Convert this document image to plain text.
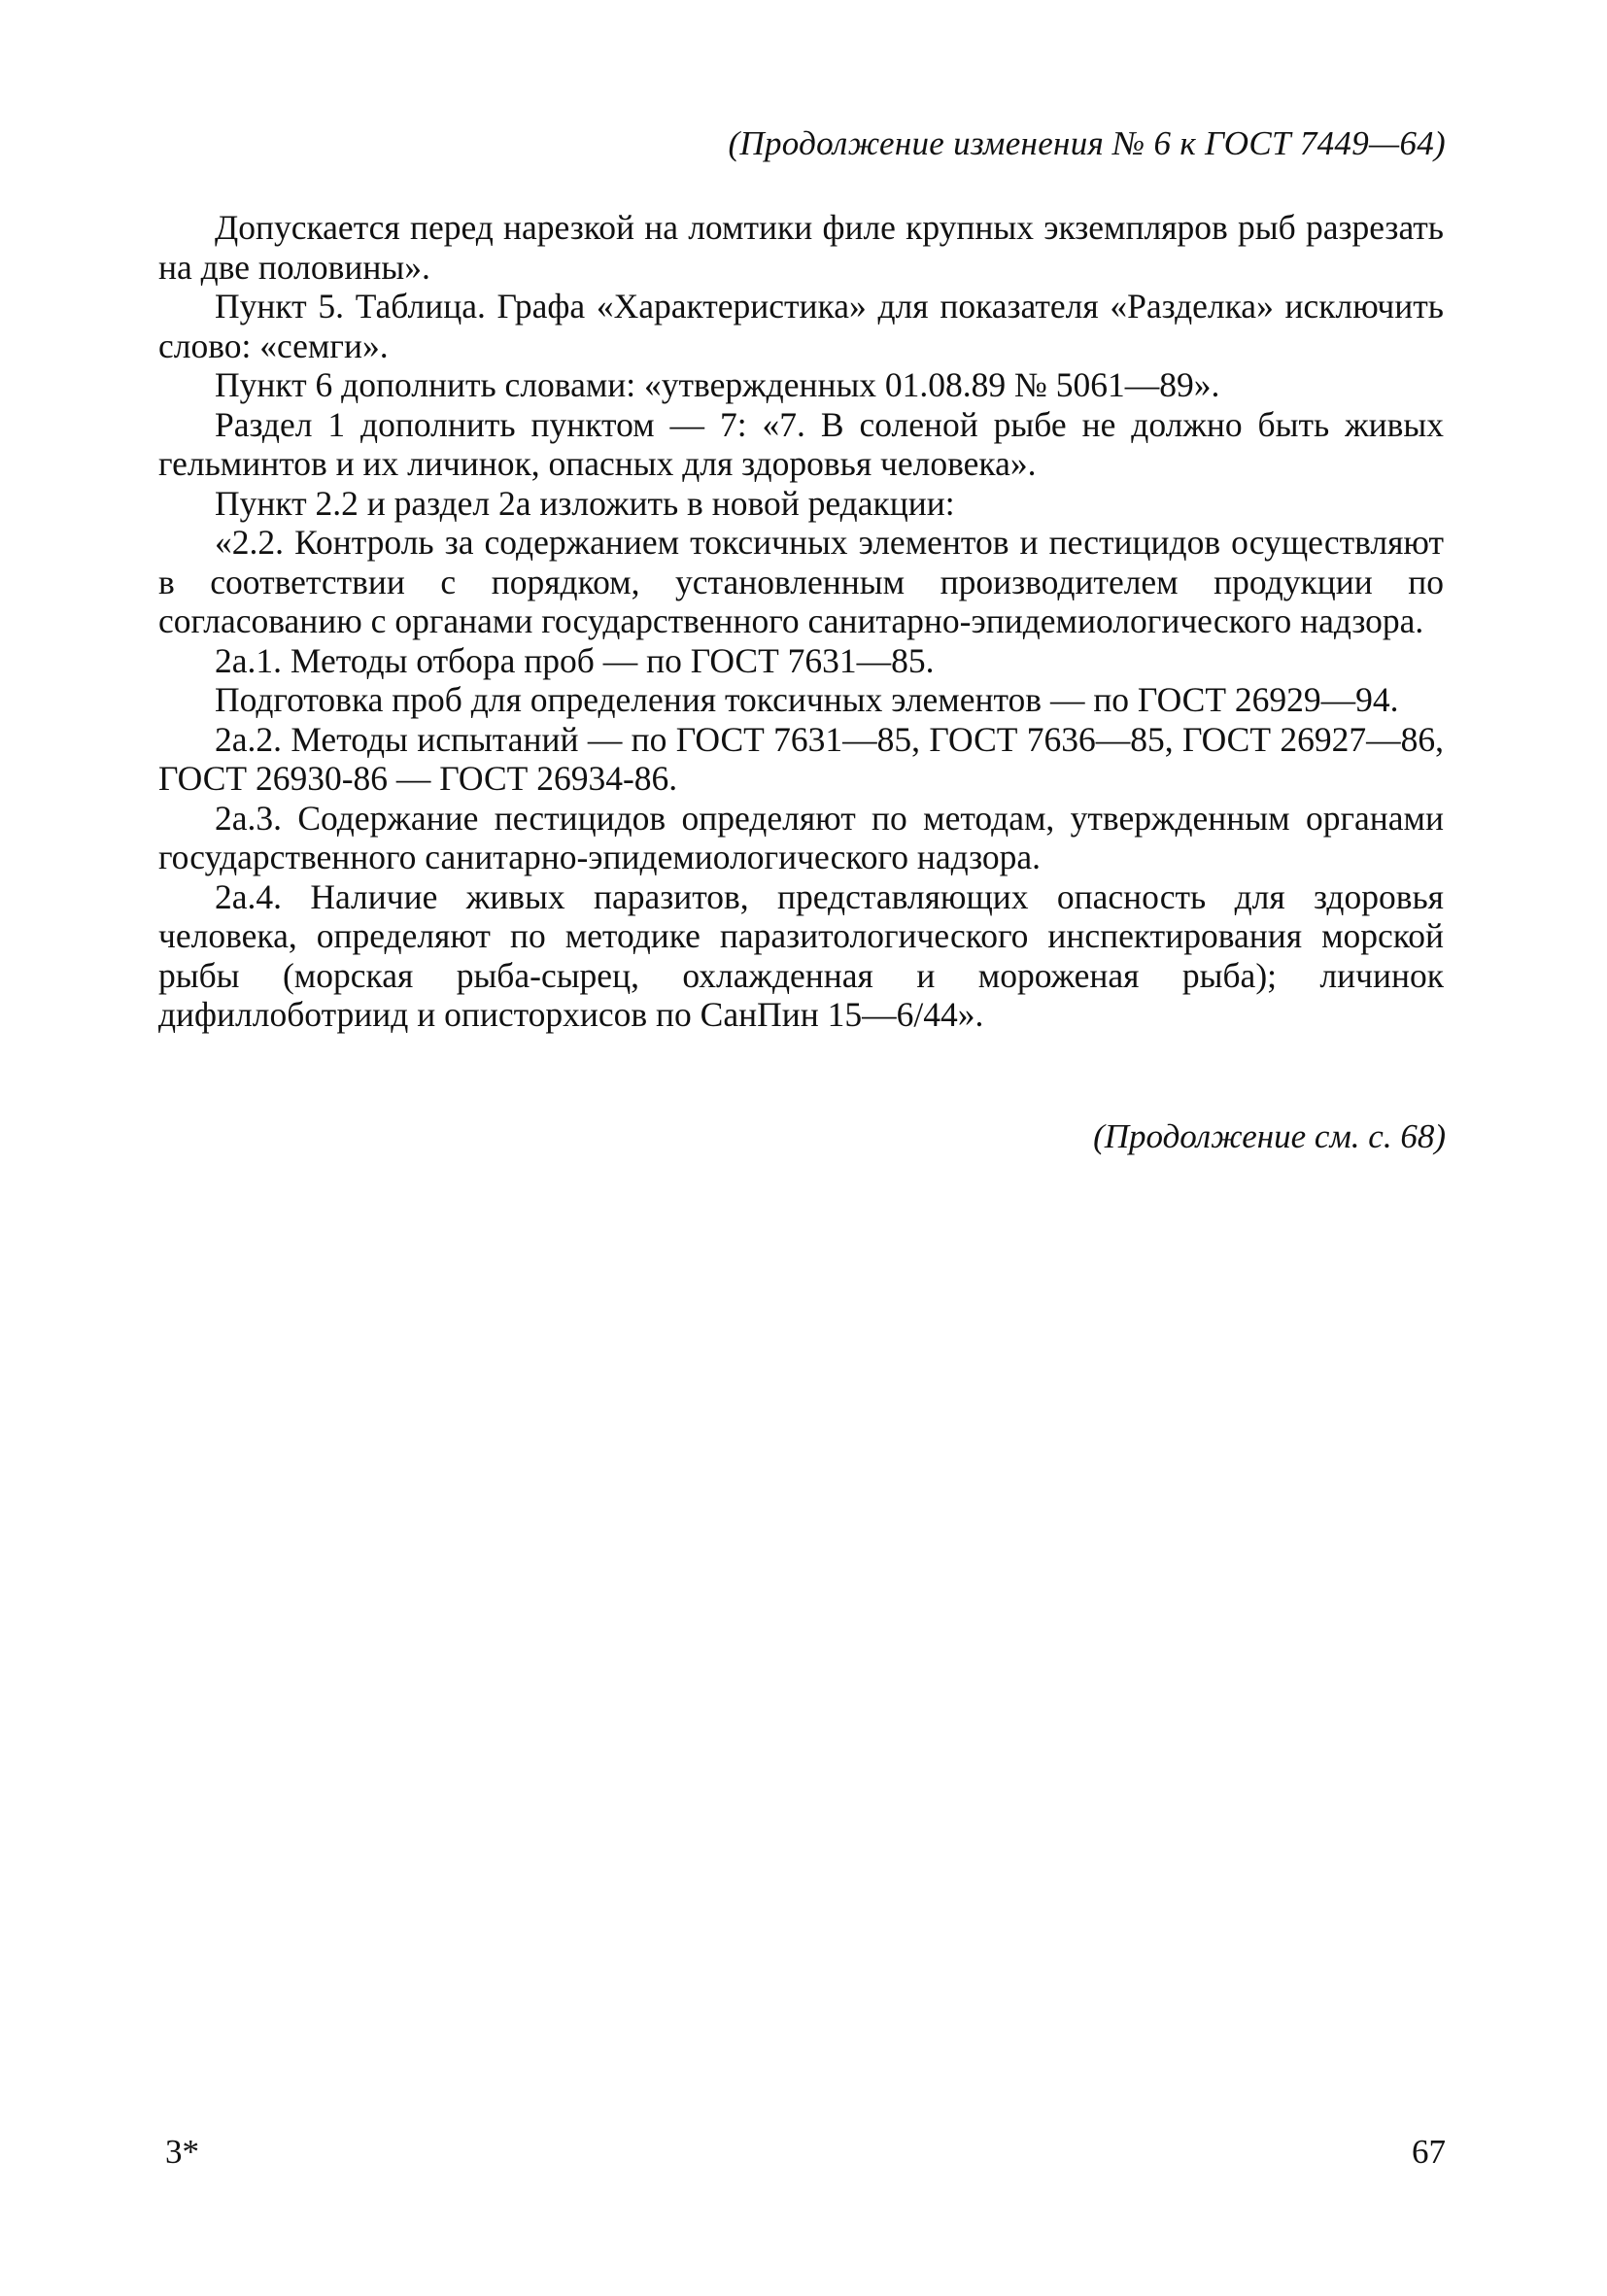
(Продолжение изменения № 6 к ГОСТ 7449—64)

Допускается перед нарезкой на ломтики филе крупных экземпляров рыб разрезать на две половины».

Пункт 5. Таблица. Графа «Характеристика» для показателя «Разделка» исключить слово: «семги».

Пункт 6 дополнить словами: «утвержденных 01.08.89 № 5061—89».

Раздел 1 дополнить пунктом — 7: «7. В соленой рыбе не должно быть живых гельминтов и их личинок, опасных для здоровья человека».

Пункт 2.2 и раздел 2а изложить в новой редакции:

«2.2. Контроль за содержанием токсичных элементов и пестицидов осуществляют в соответствии с порядком, установленным производителем продукции по согласованию с органами государственного санитарно-эпидемиологического надзора.

2а.1. Методы отбора проб — по ГОСТ 7631—85.

Подготовка проб для определения токсичных элементов — по ГОСТ 26929—94.

2а.2. Методы испытаний — по ГОСТ 7631—85, ГОСТ 7636—85, ГОСТ 26927—86, ГОСТ 26930-86 — ГОСТ 26934-86.

2а.3. Содержание пестицидов определяют по методам, утвержденным органами государственного санитарно-эпидемиологического надзора.

2а.4. Наличие живых паразитов, представляющих опасность для здоровья человека, определяют по методике паразитологического инспектирования морской рыбы (морская рыба-сырец, охлажденная и мороженая рыба); личинок дифиллоботриид и описторхисов по СанПин 15—6/44».

(Продолжение см. с. 68)
3*	67
